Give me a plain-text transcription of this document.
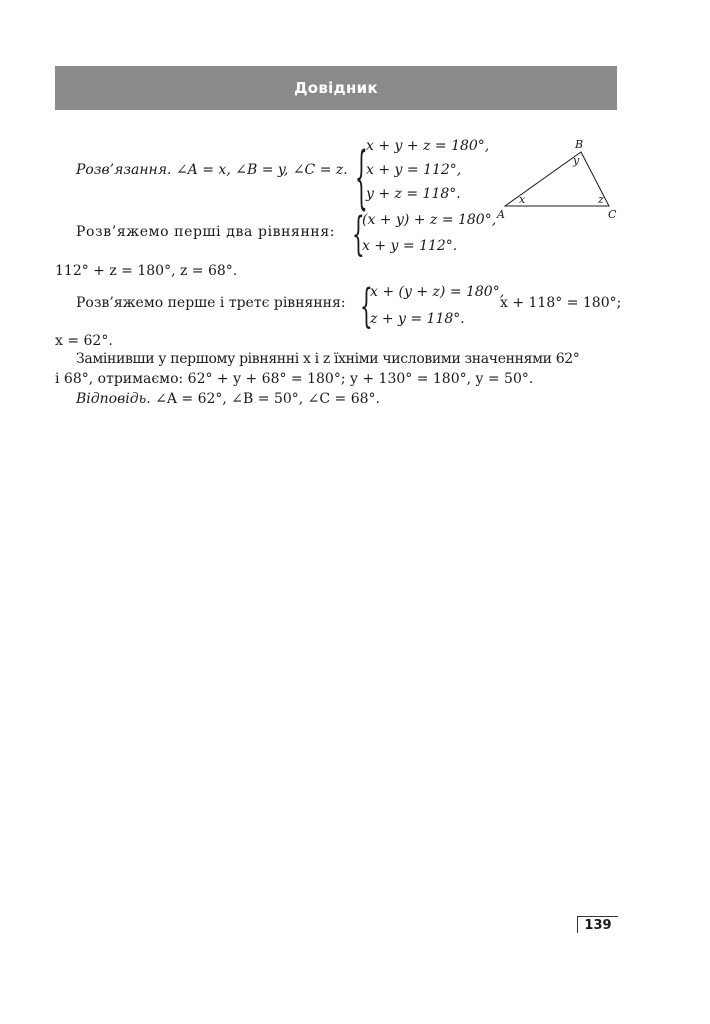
Довідник
Розв’язання. ∠A = x, ∠B = y, ∠C = z. {
x + y + z = 180°,
x + y = 112°,
y + z = 118°.
A
B
C
x
y
z
Розв’яжемо перші два рівняння: {
(x + y) + z = 180°,
x + y = 112°.
112° + z = 180°, z = 68°.
Розв’яжемо перше і третє рівняння: {
x + (y + z) = 180°,
z + y = 118°.
x + 118° = 180°;
x = 62°.
Замінивши у першому рівнянні x і z їхніми числовими значеннями 62°
і 68°, отримаємо: 62° + y + 68° = 180°; y + 130° = 180°, y = 50°.
Відповідь. ∠A = 62°, ∠B = 50°, ∠C = 68°.
139
